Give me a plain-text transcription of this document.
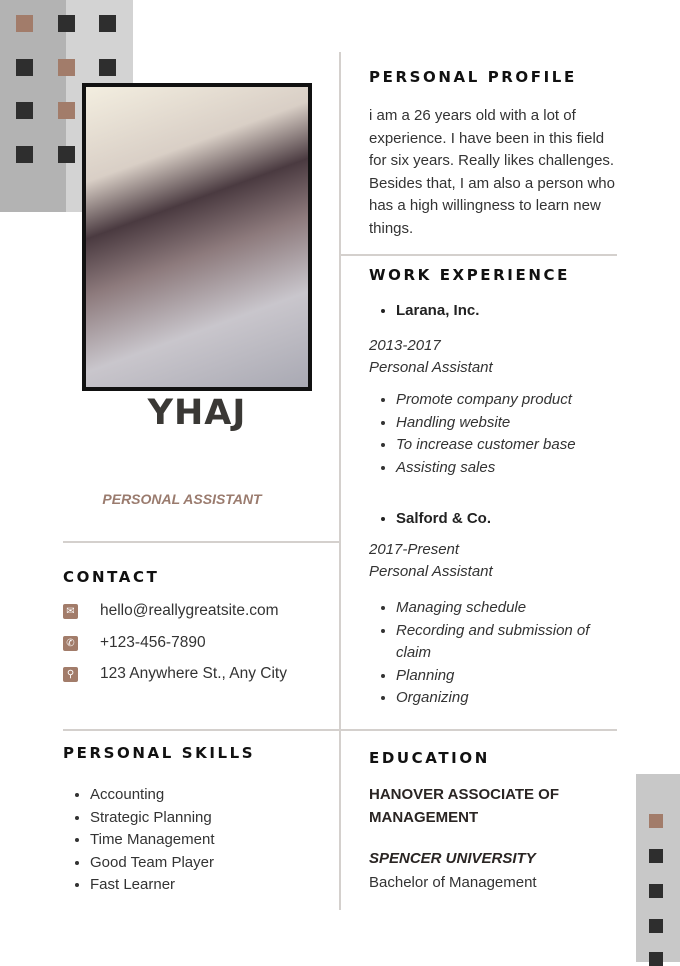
YHAJ
PERSONAL ASSISTANT
CONTACT
✉ hello@reallygreatsite.com
✆ +123-456-7890
⚲ 123 Anywhere St., Any City
PERSONAL SKILLS
• Accounting
• Strategic Planning
• Time Management
• Good Team Player
• Fast Learner
PERSONAL PROFILE
i am a 26 years old with a lot of experience. I have been in this field for six years. Really likes challenges. Besides that, I am also a person who has a high willingness to learn new things.
WORK EXPERIENCE
• Larana, Inc.
2013-2017
Personal Assistant
• Promote company product
• Handling website
• To increase customer base
• Assisting sales
• Salford & Co.
2017-Present
Personal Assistant
• Managing schedule
• Recording and submission of claim
• Planning
• Organizing
EDUCATION
HANOVER ASSOCIATE OF MANAGEMENT
SPENCER UNIVERSITY
Bachelor of Management
